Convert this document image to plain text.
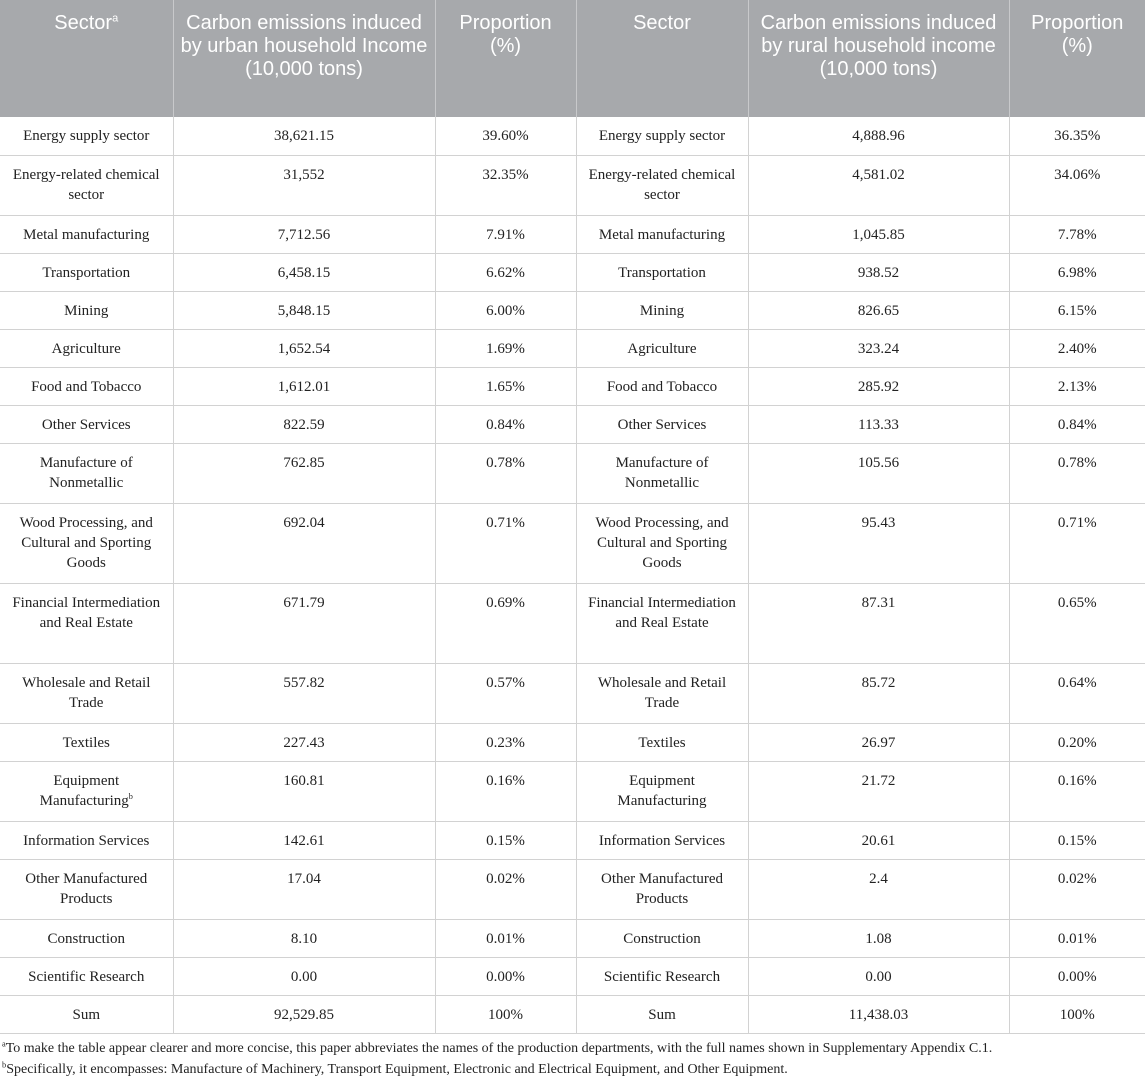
Sector$^a$	Carbon emissions induced by urban household Income (10,000 tons)	Proportion (%)	Sector	Carbon emissions induced by rural household income (10,000 tons)	Proportion (%)
Energy supply sector	38,621.15	39.60%	Energy supply sector	4,888.96	36.35%
Energy-related chemical sector	31,552	32.35%	Energy-related chemical sector	4,581.02	34.06%
Metal manufacturing	7,712.56	7.91%	Metal manufacturing	1,045.85	7.78%
Transportation	6,458.15	6.62%	Transportation	938.52	6.98%
Mining	5,848.15	6.00%	Mining	826.65	6.15%
Agriculture	1,652.54	1.69%	Agriculture	323.24	2.40%
Food and Tobacco	1,612.01	1.65%	Food and Tobacco	285.92	2.13%
Other Services	822.59	0.84%	Other Services	113.33	0.84%
Manufacture of Nonmetallic	762.85	0.78%	Manufacture of Nonmetallic	105.56	0.78%
Wood Processing, and Cultural and Sporting Goods	692.04	0.71%	Wood Processing, and Cultural and Sporting Goods	95.43	0.71%
Financial Intermediation and Real Estate	671.79	0.69%	Financial Intermediation and Real Estate	87.31	0.65%
Wholesale and Retail Trade	557.82	0.57%	Wholesale and Retail Trade	85.72	0.64%
Textiles	227.43	0.23%	Textiles	26.97	0.20%
Equipment Manufacturing$^b$	160.81	0.16%	Equipment Manufacturing	21.72	0.16%
Information Services	142.61	0.15%	Information Services	20.61	0.15%
Other Manufactured Products	17.04	0.02%	Other Manufactured Products	2.4	0.02%
Construction	8.10	0.01%	Construction	1.08	0.01%
Scientific Research	0.00	0.00%	Scientific Research	0.00	0.00%
Sum	92,529.85	100%	Sum	11,438.03	100%

$^a$To make the table appear clearer and more concise, this paper abbreviates the names of the production departments, with the full names shown in Supplementary Appendix C.1.

$^b$Specifically, it encompasses: Manufacture of Machinery, Transport Equipment, Electronic and Electrical Equipment, and Other Equipment.
